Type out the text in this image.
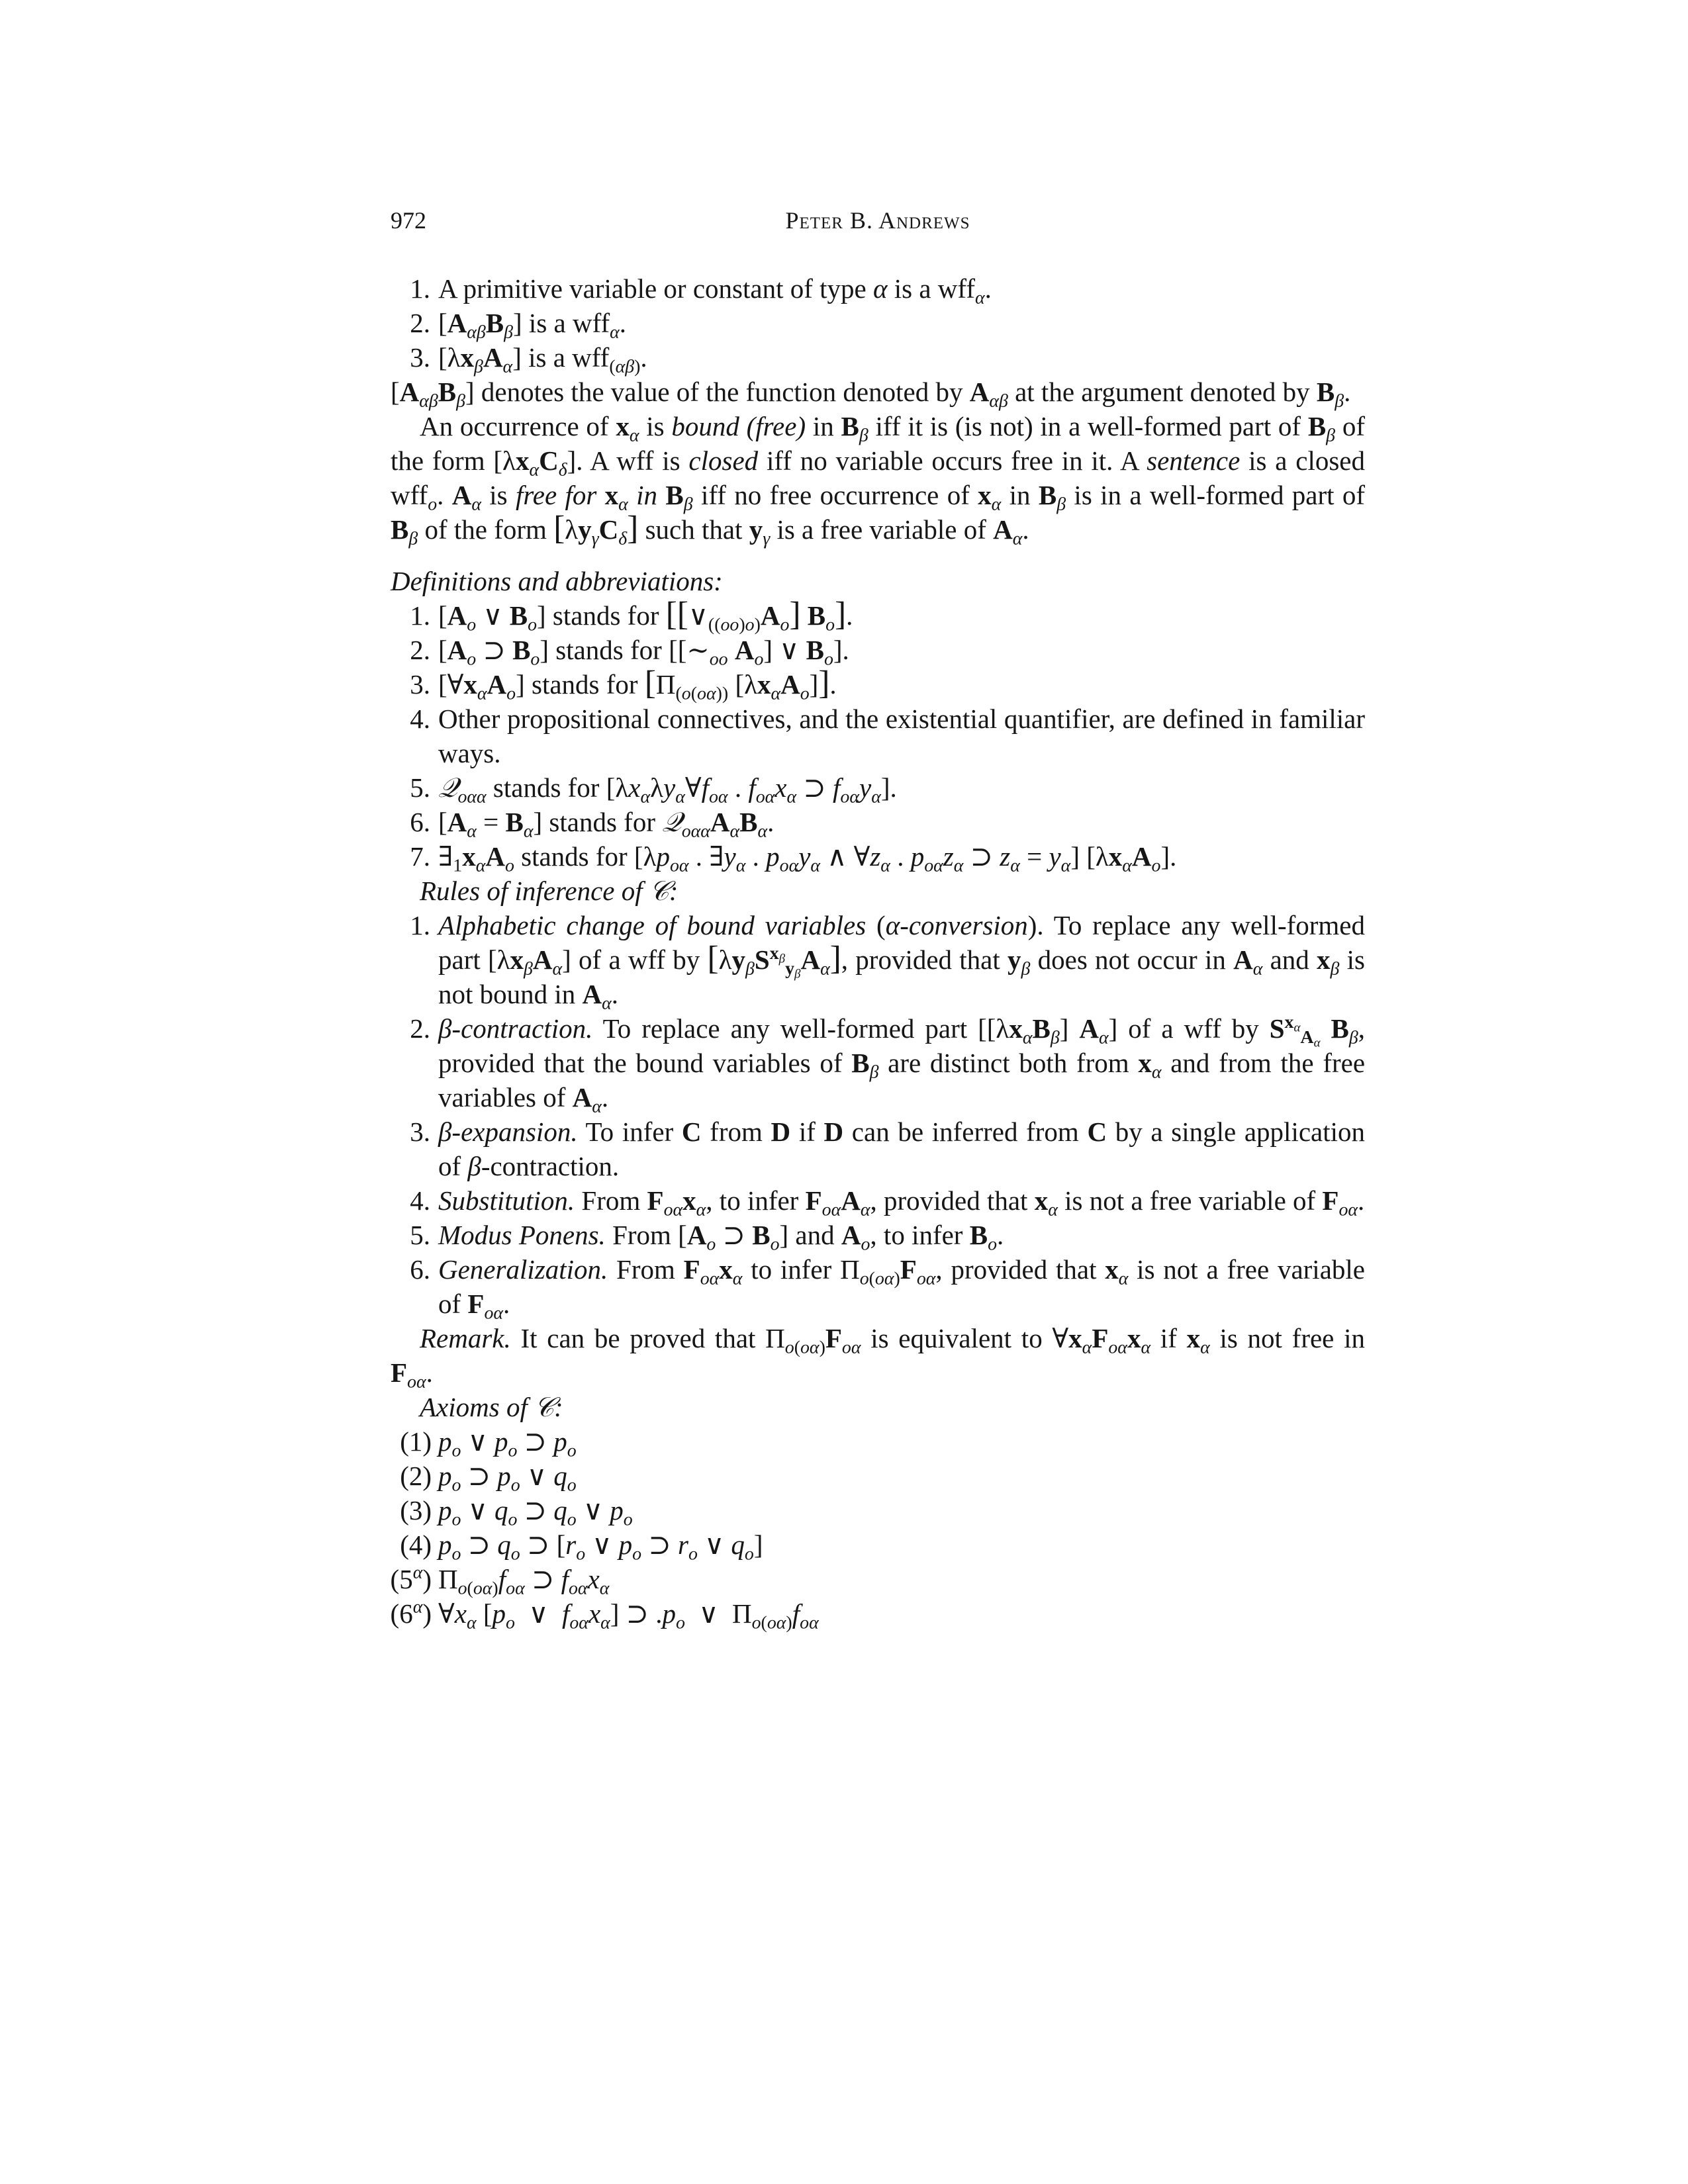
972	Peter B. Andrews
1. A primitive variable or constant of type α is a wff$_\alpha$.
2. $[A_{\alpha\beta}B_\beta]$ is a wff$_\alpha$.
3. $[\lambda x_\beta A_\alpha]$ is a wff$_{(\alpha\beta)}$.
$[A_{\alpha\beta}B_\beta]$ denotes the value of the function denoted by $A_{\alpha\beta}$ at the argument denoted by $B_\beta$.
An occurrence of $x_\alpha$ is bound (free) in $B_\beta$ iff it is (is not) in a well-formed part of $B_\beta$ of the form $[\lambda x_\alpha C_\delta]$. A wff is closed iff no variable occurs free in it. A sentence is a closed wff$_o$. $A_\alpha$ is free for $x_\alpha$ in $B_\beta$ iff no free occurrence of $x_\alpha$ in $B_\beta$ is in a well-formed part of $B_\beta$ of the form $[\lambda y_\gamma C_\delta]$ such that $y_\gamma$ is a free variable of $A_\alpha$.
Definitions and abbreviations:
1. [$A_o$ ∨ $B_o$] stands for [$[\vee_{((oo)o)}A_o]$ $B_o$].
2. [$A_o$ ⊃ $B_o$] stands for [[$\sim_{oo}$ $A_o$] ∨ $B_o$].
3. $[\forall x_\alpha A_o]$ stands for [$\Pi_{(o(o\alpha))}$ $[\lambda x_\alpha A_o]$].
4. Other propositional connectives, and the existential quantifier, are defined in familiar ways.
5. 𝒬$_{o\alpha\alpha}$ stands for [$\lambda x_\alpha\lambda y_\alpha\forall f_{o\alpha}$ . $f_{o\alpha}x_\alpha$ ⊃ $f_{o\alpha}y_\alpha$].
6. $[A_\alpha = B_\alpha]$ stands for $𝒬_{o\alpha\alpha}A_\alpha B_\alpha$.
7. $\exists_1x_\alpha A_o$ stands for [$\lambda p_{o\alpha}$ . $\exists y_\alpha$ . $p_{o\alpha}y_\alpha$ ∧ $\forall z_\alpha$ . $p_{o\alpha}z_\alpha$ ⊃ $z_\alpha = y_\alpha$] $[\lambda x_\alpha A_o]$.
Rules of inference of 𝒞:
1. Alphabetic change of bound variables (α-conversion). To replace any well-formed part $[\lambda x_\beta A_\alpha]$ of a wff by $[\lambda y_\beta S^{x_\beta}_{y_\beta}A_\alpha]$, provided that $y_\beta$ does not occur in $A_\alpha$ and $x_\beta$ is not bound in $A_\alpha$.
2. β-contraction. To replace any well-formed part [$[\lambda x_\alpha B_\beta]$ $A_\alpha$] of a wff by $S^{x_\alpha}_{A_\alpha}$ $B_\beta$, provided that the bound variables of $B_\beta$ are distinct both from $x_\alpha$ and from the free variables of $A_\alpha$.
3. β-expansion. To infer C from D if D can be inferred from C by a single application of β-contraction.
4. Substitution. From $F_{o\alpha}x_\alpha$, to infer $F_{o\alpha}A_\alpha$, provided that $x_\alpha$ is not a free variable of $F_{o\alpha}$.
5. Modus Ponens. From [$A_o$ ⊃ $B_o$] and $A_o$, to infer $B_o$.
6. Generalization. From $F_{o\alpha}x_\alpha$ to infer $\Pi_{o(o\alpha)}F_{o\alpha}$, provided that $x_\alpha$ is not a free variable of $F_{o\alpha}$.
Remark. It can be proved that $\Pi_{o(o\alpha)}F_{o\alpha}$ is equivalent to $\forall x_\alpha F_{o\alpha}x_\alpha$ if $x_\alpha$ is not free in $F_{o\alpha}$.
Axioms of 𝒞:
(1) $p_o$ ∨ $p_o$ ⊃ $p_o$
(2) $p_o$ ⊃ $p_o$ ∨ $q_o$
(3) $p_o$ ∨ $q_o$ ⊃ $q_o$ ∨ $p_o$
(4) $p_o$ ⊃ $q_o$ ⊃ [$r_o$ ∨ $p_o$ ⊃ $r_o$ ∨ $q_o$]
$(5^\alpha)$ $\Pi_{o(o\alpha)}f_{o\alpha}$ ⊃ $f_{o\alpha}x_\alpha$
$(6^\alpha)$ $\forall x_\alpha$ [$p_o$  ∨  $f_{o\alpha}x_\alpha$] ⊃ $.p_o$  ∨  $\Pi_{o(o\alpha)}f_{o\alpha}$
